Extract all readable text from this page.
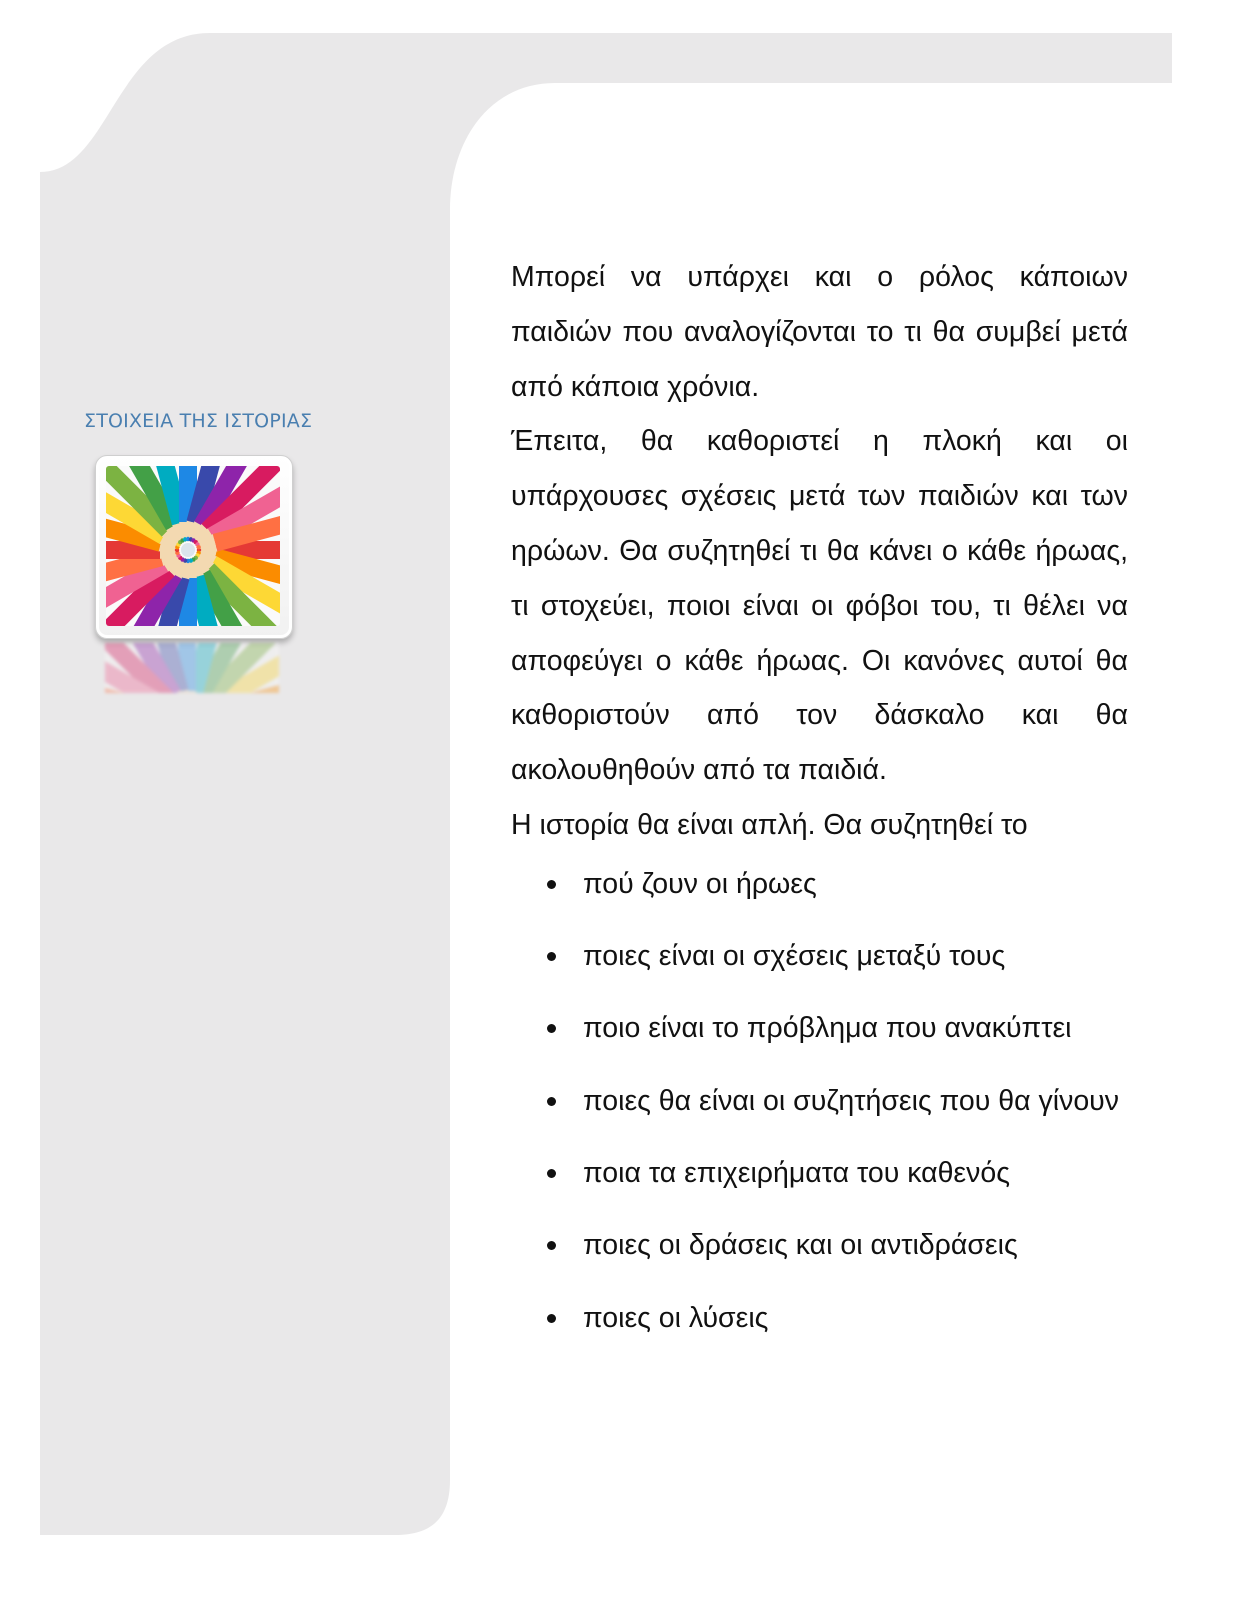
ΣΤΟΙΧΕΙΑ ΤΗΣ ΙΣΤΟΡΙΑΣ

Μπορεί να υπάρχει και ο ρόλος κάποιων παιδιών που αναλογίζονται το τι θα συμβεί μετά από κάποια χρόνια.

Έπειτα, θα καθοριστεί η πλοκή και οι υπάρχουσες σχέσεις μετά των παιδιών και των ηρώων. Θα συζητηθεί τι θα κάνει ο κάθε ήρωας, τι στοχεύει, ποιοι είναι οι φόβοι του, τι θέλει να αποφεύγει ο κάθε ήρωας. Οι κανόνες αυτοί θα καθοριστούν από τον δάσκαλο και θα ακολουθηθούν από τα παιδιά.

Η ιστορία θα είναι απλή. Θα συζητηθεί το

πού ζουν οι ήρωες
ποιες είναι οι σχέσεις μεταξύ τους
ποιο είναι το πρόβλημα που ανακύπτει
ποιες θα είναι οι συζητήσεις που θα γίνουν
ποια τα επιχειρήματα του καθενός
ποιες οι δράσεις και οι αντιδράσεις
ποιες οι λύσεις
